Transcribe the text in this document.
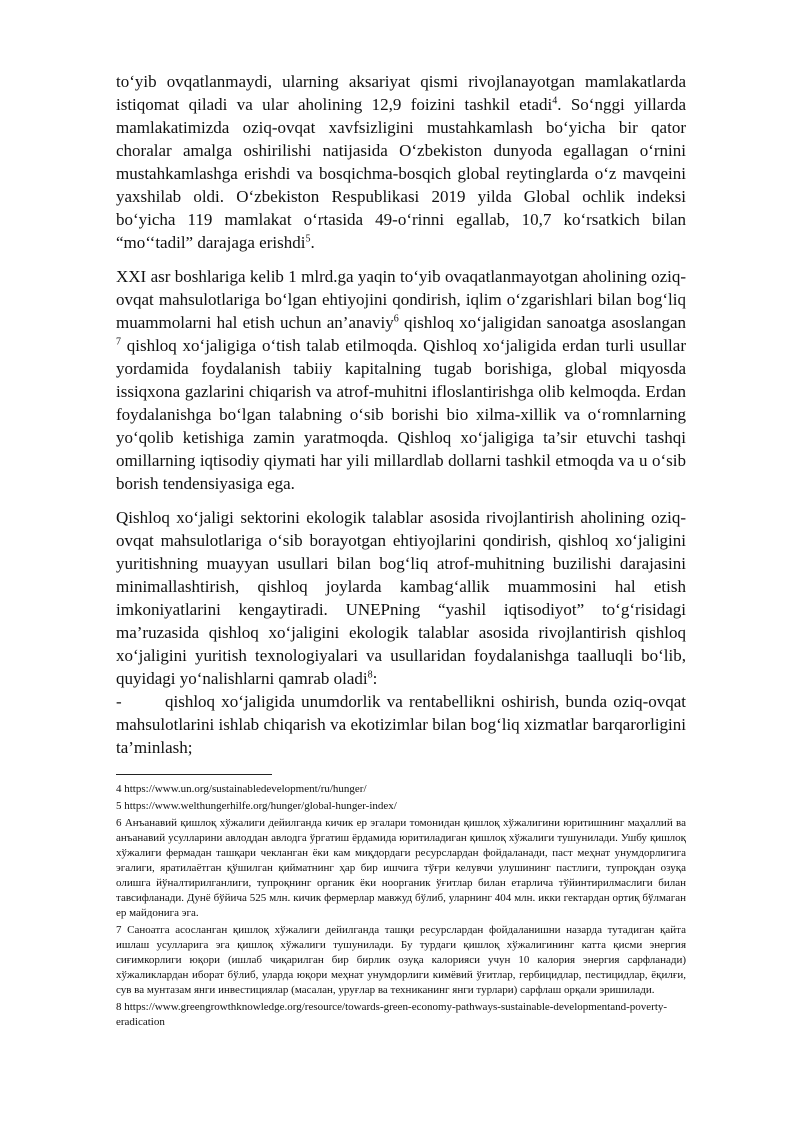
to‘yib ovqatlanmaydi, ularning aksariyat qismi rivojlanayotgan mamlakatlarda istiqomat qiladi va ular aholining 12,9 foizini tashkil etadi$^4$. So‘nggi yillarda mamlakatimizda oziq-ovqat xavfsizligini mustahkamlash bo‘yicha bir qator choralar amalga oshirilishi natijasida O‘zbekiston dunyoda egallagan o‘rnini mustahkamlashga erishdi va bosqichma-bosqich global reytinglarda o‘z mavqeini yaxshilab oldi. O‘zbekiston Respublikasi 2019 yilda Global ochlik indeksi bo‘yicha 119 mamlakat o‘rtasida 49-o‘rinni egallab, 10,7 ko‘rsatkich bilan “mo‘‘tadil” darajaga erishdi$^5$.

XXI asr boshlariga kelib 1 mlrd.ga yaqin to‘yib ovaqatlanmayotgan aholining oziq-ovqat mahsulotlariga bo‘lgan ehtiyojini qondirish, iqlim o‘zgarishlari bilan bog‘liq muammolarni hal etish uchun an’anaviy$^6$ qishloq xo‘jaligidan sanoatga asoslangan $^7$ qishloq xo‘jaligiga o‘tish talab etilmoqda. Qishloq xo‘jaligida erdan turli usullar yordamida foydalanish tabiiy kapitalning tugab borishiga, global miqyosda issiqxona gazlarini chiqarish va atrof-muhitni ifloslantirishga olib kelmoqda. Erdan foydalanishga bo‘lgan talabning o‘sib borishi bio xilma-xillik va o‘romnlarning yo‘qolib ketishiga zamin yaratmoqda. Qishloq xo‘jaligiga ta’sir etuvchi tashqi omillarning iqtisodiy qiymati har yili millardlab dollarni tashkil etmoqda va u o‘sib borish tendensiyasiga ega.

Qishloq xo‘jaligi sektorini ekologik talablar asosida rivojlantirish aholining oziq-ovqat mahsulotlariga o‘sib borayotgan ehtiyojlarini qondirish, qishloq xo‘jaligini yuritishning muayyan usullari bilan bog‘liq atrof-muhitning buzilishi darajasini minimallashtirish, qishloq joylarda kambag‘allik muammosini hal etish imkoniyatlarini kengaytiradi. UNEPning “yashil iqtisodiyot” to‘g‘risidagi ma’ruzasida qishloq xo‘jaligini ekologik talablar asosida rivojlantirish qishloq xo‘jaligini yuritish texnologiyalari va usullaridan foydalanishga taalluqli bo‘lib, quyidagi yo‘nalishlarni qamrab oladi$^8$:

-	qishloq xo‘jaligida unumdorlik va rentabellikni oshirish, bunda oziq-ovqat mahsulotlarini ishlab chiqarish va ekotizimlar bilan bog‘liq xizmatlar barqarorligini ta’minlash;

4 https://www.un.org/sustainabledevelopment/ru/hunger/

5 https://www.welthungerhilfe.org/hunger/global-hunger-index/

6 Анъанавий қишлоқ хўжалиги дейилганда кичик ер эгалари томонидан қишлоқ хўжалигини юритишнинг маҳаллий ва анъанавий усулларини авлоддан авлодга ўргатиш ёрдамида юритиладиган қишлоқ хўжалиги тушунилади. Ушбу қишлоқ хўжалиги фермадан ташқари чекланган ёки кам миқдордаги ресурслардан фойдаланади, паст меҳнат унумдорлигига эгалиги, яратилаётган қўшилган қийматнинг ҳар бир ишчига тўғри келувчи улушининг пастлиги, тупроқдан озуқа олишга йўналтирилганлиги, тупроқнинг органик ёки ноорганик ўғитлар билан етарлича тўйинтирилмаслиги билан тавсифланади. Дунё бўйича 525 млн. кичик фермерлар мавжуд бўлиб, уларнинг 404 млн. икки гектардан ортиқ бўлмаган ер майдонига эга.

7 Саноатга асосланган қишлоқ хўжалиги дейилганда ташқи ресурслардан фойдаланишни назарда тутадиган қайта ишлаш усулларига эга қишлоқ хўжалиги тушунилади. Бу турдаги қишлоқ хўжалигининг катта қисми энергия сиғимкорлиги юқори (ишлаб чиқарилган бир бирлик озуқа калорияси учун 10 калория энергия сарфланади) хўжаликлардан иборат бўлиб, уларда юқори меҳнат унумдорлиги кимёвий ўғитлар, гербицидлар, пестицидлар, ёқилғи, сув ва мунтазам янги инвестициялар (масалан, уруғлар ва техниканинг янги турлари) сарфлаш орқали эришилади.

8 https://www.greengrowthknowledge.org/resource/towards-green-economy-pathways-sustainable-developmentand-poverty-eradication
